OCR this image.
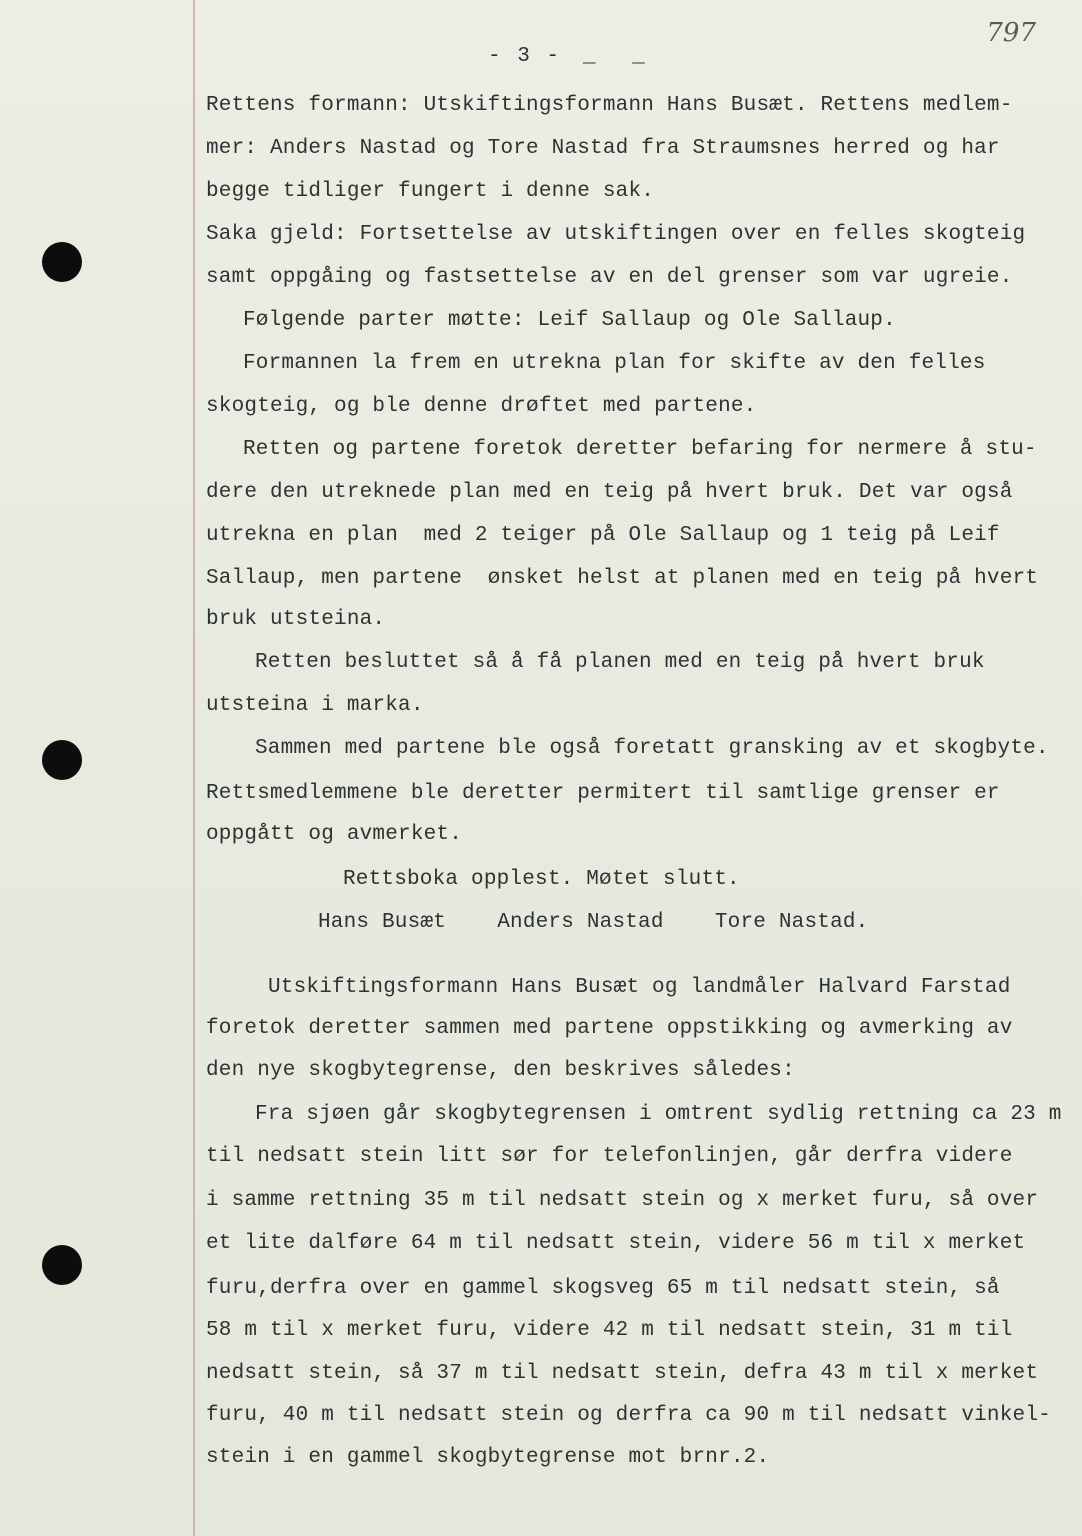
797
- 3 - _ _
Rettens formann: Utskiftingsformann Hans Busæt. Rettens medlem-
mer: Anders Nastad og Tore Nastad fra Straumsnes herred og har
begge tidliger fungert i denne sak.
Saka gjeld: Fortsettelse av utskiftingen over en felles skogteig
samt oppgåing og fastsettelse av en del grenser som var ugreie.
Følgende parter møtte: Leif Sallaup og Ole Sallaup.
Formannen la frem en utrekna plan for skifte av den felles
skogteig, og ble denne drøftet med partene.
Retten og partene foretok deretter befaring for nermere å stu-
dere den utreknede plan med en teig på hvert bruk. Det var også
utrekna en plan  med 2 teiger på Ole Sallaup og 1 teig på Leif
Sallaup, men partene  ønsket helst at planen med en teig på hvert
bruk utsteina.
Retten besluttet så å få planen med en teig på hvert bruk
utsteina i marka.
Sammen med partene ble også foretatt gransking av et skogbyte.
Rettsmedlemmene ble deretter permitert til samtlige grenser er
oppgått og avmerket.
Rettsboka opplest. Møtet slutt.
Hans Busæt    Anders Nastad    Tore Nastad.
Utskiftingsformann Hans Busæt og landmåler Halvard Farstad
foretok deretter sammen med partene oppstikking og avmerking av
den nye skogbytegrense, den beskrives således:
Fra sjøen går skogbytegrensen i omtrent sydlig rettning ca 23 m
til nedsatt stein litt sør for telefonlinjen, går derfra videre
i samme rettning 35 m til nedsatt stein og x merket furu, så over
et lite dalføre 64 m til nedsatt stein, videre 56 m til x merket
furu,derfra over en gammel skogsveg 65 m til nedsatt stein, så
58 m til x merket furu, videre 42 m til nedsatt stein, 31 m til
nedsatt stein, så 37 m til nedsatt stein, defra 43 m til x merket
furu, 40 m til nedsatt stein og derfra ca 90 m til nedsatt vinkel-
stein i en gammel skogbytegrense mot brnr.2.
